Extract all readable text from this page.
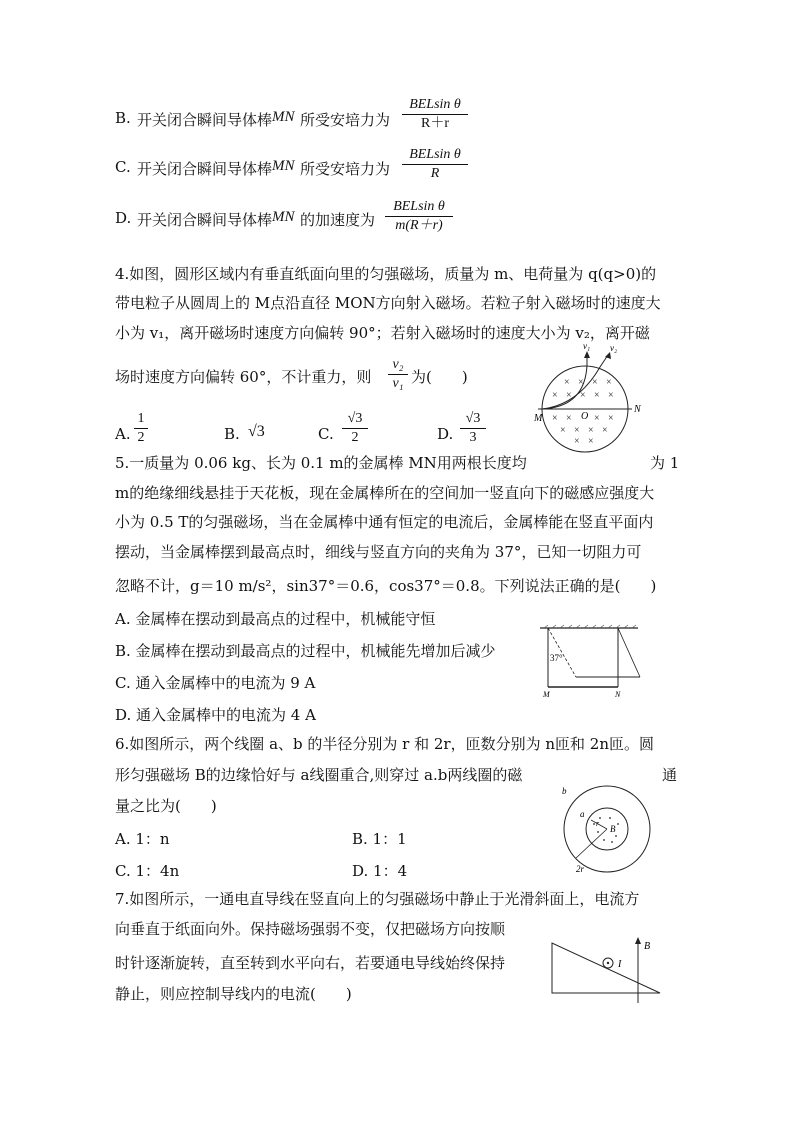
B. 开关闭合瞬间导体棒 MN 所受安培力为
BELsin θ
R＋r
C. 开关闭合瞬间导体棒 MN 所受安培力为
BELsin θ
R
D. 开关闭合瞬间导体棒 MN 的加速度为
BELsin θ
m(R＋r)
4.如图，圆形区域内有垂直纸面向里的匀强磁场，质量为 m、电荷量为 q(q>0)的
带电粒子从圆周上的 M点沿直径 MON方向射入磁场。若粒子射入磁场时的速度大
小为 v₁，离开磁场时速度方向偏转 90°；若射入磁场时的速度大小为 v₂，离开磁
场时速度方向偏转 60°，不计重力，则 $\frac{\text{v₂}}{\text{v₁}}$ 为(　　)
A. $\frac{1}{2}$	B. √3	C. $\frac{√3}{2}$	D. $\frac{√3}{3}$
× × × ×
× × × × ×
× × × ×
× × × ×
× ×
v₁ v₂
M
N
O
5.一质量为 0.06 kg、长为 0.1 m的金属棒 MN用两根长度均	为 1
m的绝缘细线悬挂于天花板，现在金属棒所在的空间加一竖直向下的磁感应强度大
小为 0.5 T的匀强磁场，当在金属棒中通有恒定的电流后，金属棒能在竖直平面内
摆动，当金属棒摆到最高点时，细线与竖直方向的夹角为 37°，已知一切阻力可
忽略不计，g＝10 m/s²，sin37°＝0.6，cos37°＝0.8。下列说法正确的是(　　)
A. 金属棒在摆动到最高点的过程中，机械能守恒
B. 金属棒在摆动到最高点的过程中，机械能先增加后减少
C. 通入金属棒中的电流为 9 A
D. 通入金属棒中的电流为 4 A
37°
M	N
6.如图所示，两个线圈 a、b 的半径分别为 r 和 2r，匝数分别为 n匝和 2n匝。圆
形匀强磁场 B的边缘恰好与 a线圈重合,则穿过 a.b两线圈的磁	通
量之比为(　　)
A. 1：n	B. 1：1
C. 1：4n	D. 1：4
b
a
r
B
2r
7.如图所示，一通电直导线在竖直向上的匀强磁场中静止于光滑斜面上，电流方
向垂直于纸面向外。保持磁场强弱不变，仅把磁场方向按顺
时针逐渐旋转，直至转到水平向右，若要通电导线始终保持
静止，则应控制导线内的电流(　　)
B
I
